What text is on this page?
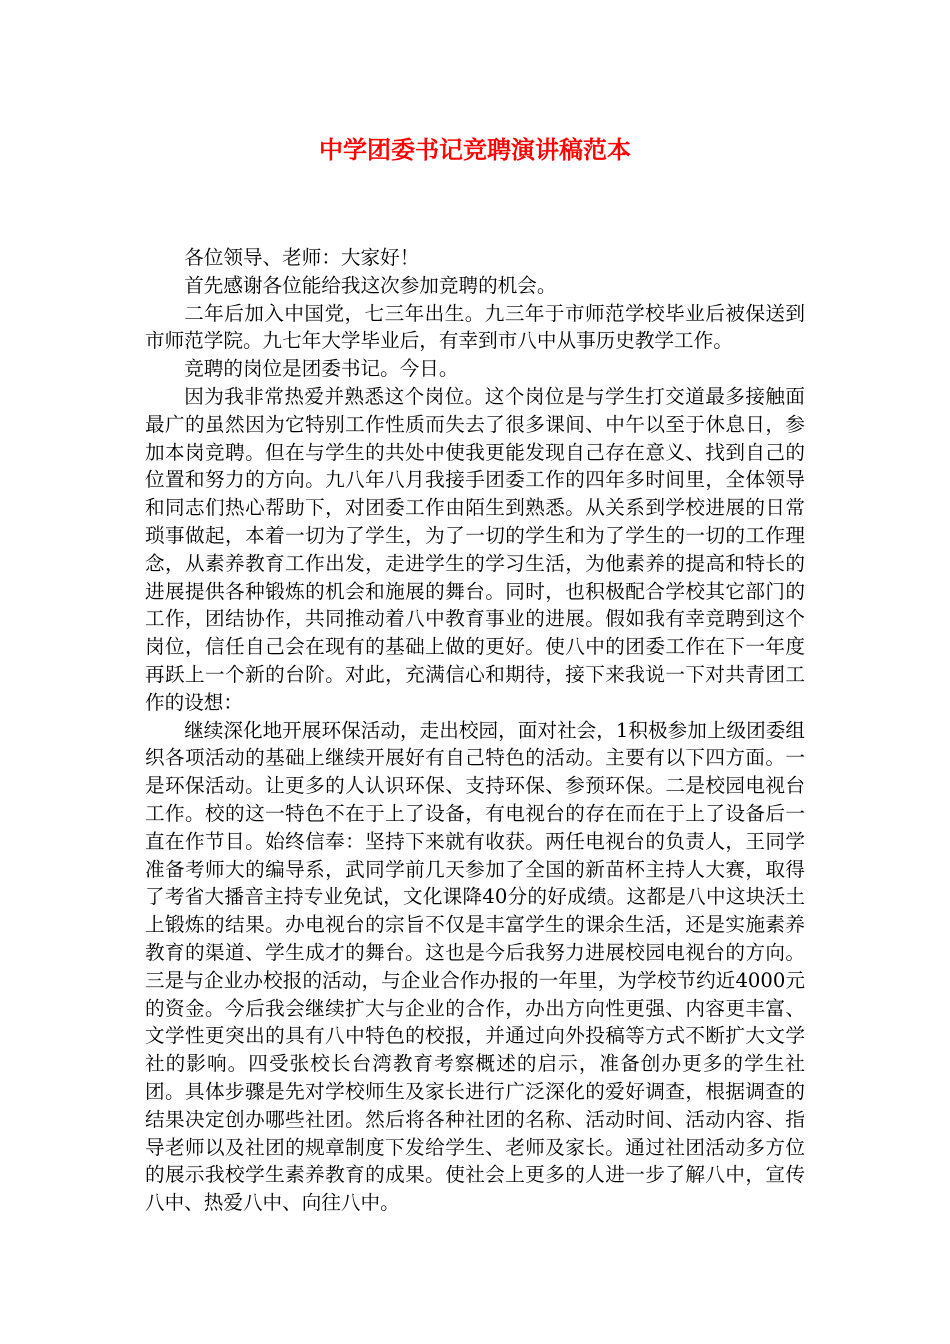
中学团委书记竞聘演讲稿范本

各位领导、老师：大家好！

首先感谢各位能给我这次参加竞聘的机会。

二年后加入中国党，七三年出生。九三年于市师范学校毕业后被保送到市师范学院。九七年大学毕业后，有幸到市八中从事历史教学工作。

竞聘的岗位是团委书记。今日。

因为我非常热爱并熟悉这个岗位。这个岗位是与学生打交道最多接触面最广的虽然因为它特别工作性质而失去了很多课间、中午以至于休息日，参加本岗竞聘。但在与学生的共处中使我更能发现自己存在意义、找到自己的位置和努力的方向。九八年八月我接手团委工作的四年多时间里，全体领导和同志们热心帮助下，对团委工作由陌生到熟悉。从关系到学校进展的日常琐事做起，本着一切为了学生，为了一切的学生和为了学生的一切的工作理念，从素养教育工作出发，走进学生的学习生活，为他素养的提高和特长的进展提供各种锻炼的机会和施展的舞台。同时，也积极配合学校其它部门的工作，团结协作，共同推动着八中教育事业的进展。假如我有幸竞聘到这个岗位，信任自己会在现有的基础上做的更好。使八中的团委工作在下一年度再跃上一个新的台阶。对此，充满信心和期待，接下来我说一下对共青团工作的设想：

继续深化地开展环保活动，走出校园，面对社会，1积极参加上级团委组织各项活动的基础上继续开展好有自己特色的活动。主要有以下四方面。一是环保活动。让更多的人认识环保、支持环保、参预环保。二是校园电视台工作。校的这一特色不在于上了设备，有电视台的存在而在于上了设备后一直在作节目。始终信奉：坚持下来就有收获。两任电视台的负责人，王同学准备考师大的编导系，武同学前几天参加了全国的新苗杯主持人大赛，取得了考省大播音主持专业免试，文化课降40分的好成绩。这都是八中这块沃土上锻炼的结果。办电视台的宗旨不仅是丰富学生的课余生活，还是实施素养教育的渠道、学生成才的舞台。这也是今后我努力进展校园电视台的方向。三是与企业办校报的活动，与企业合作办报的一年里，为学校节约近4000元的资金。今后我会继续扩大与企业的合作，办出方向性更强、内容更丰富、文学性更突出的具有八中特色的校报，并通过向外投稿等方式不断扩大文学社的影响。四受张校长台湾教育考察概述的启示，准备创办更多的学生社团。具体步骤是先对学校师生及家长进行广泛深化的爱好调查，根据调查的结果决定创办哪些社团。然后将各种社团的名称、活动时间、活动内容、指导老师以及社团的规章制度下发给学生、老师及家长。通过社团活动多方位的展示我校学生素养教育的成果。使社会上更多的人进一步了解八中，宣传八中、热爱八中、向往八中。
